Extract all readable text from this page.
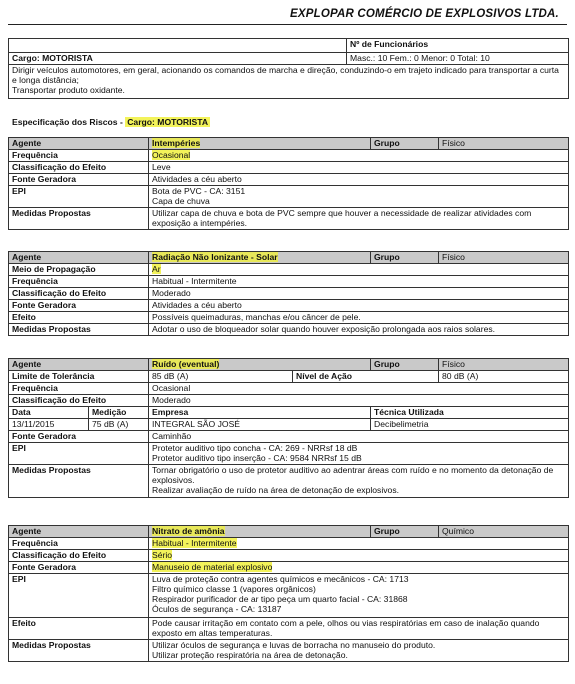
EXPLOPAR COMÉRCIO DE EXPLOSIVOS LTDA.
	Nº de Funcionários
Cargo: MOTORISTA	Masc.: 10 Fem.: 0 Menor: 0 Total: 10

Dirigir veículos automotores, em geral, acionando os comandos de marcha e direção, conduzindo-o em trajeto indicado para transportar a curta e longa distância;
Transportar produto oxidante.	
Especificação dos Riscos - Cargo: MOTORISTA
Agente	Intempéries	Grupo	Físico
Frequência	Ocasional		
Classificação do Efeito	Leve		
Fonte Geradora	Atividades a céu aberto		
EPI	Bota de PVC - CA: 3151
Capa de chuva		

Medidas Propostas	Utilizar capa de chuva e bota de PVC sempre que houver a necessidade de realizar atividades com exposição a intempéries.		
Agente	Radiação Não Ionizante - Solar	Grupo	Físico
Meio de Propagação	Ar		
Frequência	Habitual - Intermitente		
Classificação do Efeito	Moderado		
Fonte Geradora	Atividades a céu aberto		
Efeito	Possíveis queimaduras, manchas e/ou câncer de pele.		
Medidas Propostas	Adotar o uso de bloqueador solar quando houver exposição prolongada aos raios solares.		
Agente		Ruído (eventual)		Grupo	Físico
Limite de Tolerância		85 dB (A)	Nível de Ação		80 dB (A)
Frequência		Ocasional			
Classificação do Efeito		Moderado			
Data	Medição	Empresa		Técnica Utilizada	
13/11/2015	75 dB (A)	INTEGRAL SÃO JOSÉ		Decibelimetria	
Fonte Geradora		Caminhão			
EPI		Protetor auditivo tipo concha - CA: 269 - NRRsf 18 dB
Protetor auditivo tipo inserção - CA: 9584 NRRsf 15 dB			

Medidas Propostas		Tornar obrigatório o uso de protetor auditivo ao adentrar áreas com ruído e no momento da detonação de explosivos.
Realizar avaliação de ruído na área de detonação de explosivos.			
Agente	Nitrato de amônia	Grupo	Químico
Frequência	Habitual - Intermitente		
Classificação do Efeito	Sério		
Fonte Geradora	Manuseio de material explosivo		
EPI	Luva de proteção contra agentes químicos e mecânicos - CA: 1713
Filtro químico classe 1 (vapores orgânicos)
Respirador purificador de ar tipo peça um quarto facial - CA: 31868
Óculos de segurança - CA: 13187		

Efeito	Pode causar irritação em contato com a pele, olhos ou vias respiratórias em caso de inalação quando exposto em altas temperaturas.		
Medidas Propostas	Utilizar óculos de segurança e luvas de borracha no manuseio do produto.
Utilizar proteção respiratória na área de detonação.		
